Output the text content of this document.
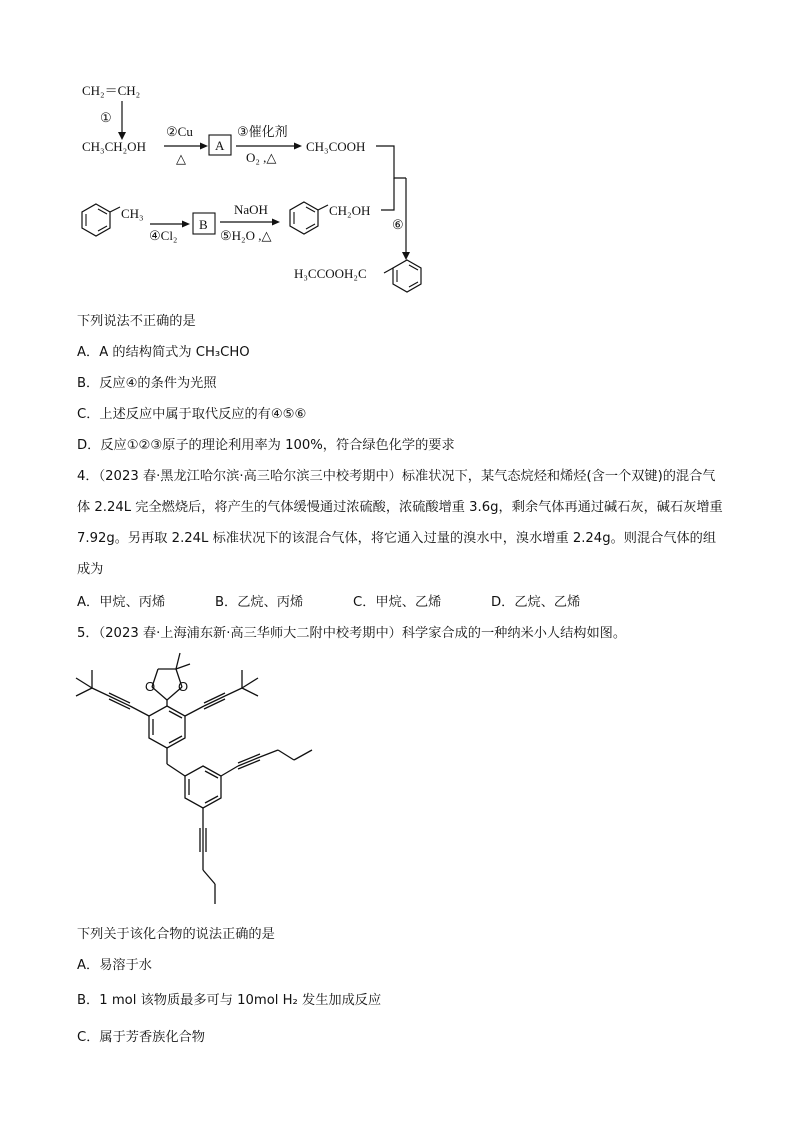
CH₂＝CH₂
①
CH₃CH₂OH
②Cu
△
A
③催化剂
O₂ ,△
CH₃COOH
⑥
CH₃
④Cl₂
B
NaOH
⑤H₂O ,△
CH₂OH
H₃CCOOH₂C
下列说法不正确的是
A．A 的结构简式为 CH₃CHO
B．反应④的条件为光照
C．上述反应中属于取代反应的有④⑤⑥
D．反应①②③原子的理论利用率为 100%，符合绿色化学的要求
4．（2023 春·黑龙江哈尔滨·高三哈尔滨三中校考期中）标准状况下，某气态烷烃和烯烃(含一个双键)的混合气体 2.24L 完全燃烧后，将产生的气体缓慢通过浓硫酸，浓硫酸增重 3.6g，剩余气体再通过碱石灰，碱石灰增重 7.92g。另再取 2.24L 标准状况下的该混合气体，将它通入过量的溴水中，溴水增重 2.24g。则混合气体的组成为
A．甲烷、丙烯	B．乙烷、丙烯	C．甲烷、乙烯	D．乙烷、乙烯
5．（2023 春·上海浦东新·高三华师大二附中校考期中）科学家合成的一种纳米小人结构如图。
O O
下列关于该化合物的说法正确的是
A．易溶于水
B．1 mol 该物质最多可与 10mol H₂ 发生加成反应
C．属于芳香族化合物
